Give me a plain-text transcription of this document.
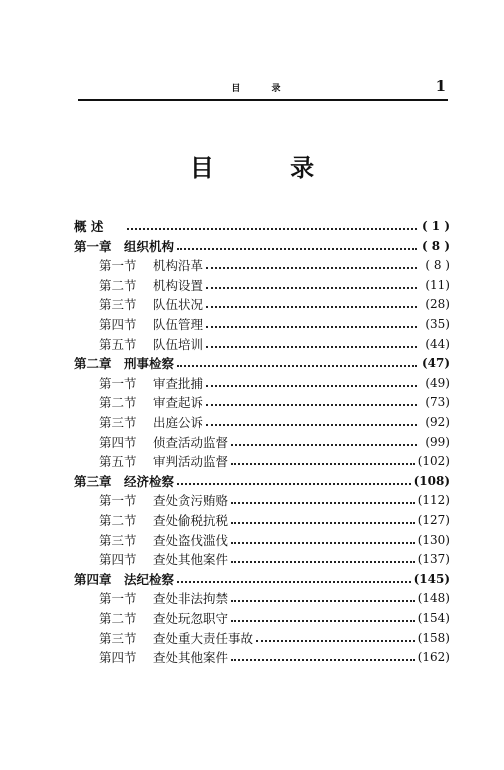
目 录	1
目 录
概 述	( 1 )
第一章 组织机构	( 8 )
第一节	机构沿革	( 8 )
第二节	机构设置	(11)
第三节	队伍状况	(28)
第四节	队伍管理	(35)
第五节	队伍培训	(44)
第二章 刑事检察	(47)
第一节	审查批捕	(49)
第二节	审查起诉	(73)
第三节	出庭公诉	(92)
第四节	侦查活动监督	(99)
第五节	审判活动监督	(102)
第三章 经济检察	(108)
第一节	查处贪污贿赂	(112)
第二节	查处偷税抗税	(127)
第三节	查处盗伐滥伐	(130)
第四节	查处其他案件	(137)
第四章 法纪检察	(145)
第一节	查处非法拘禁	(148)
第二节	查处玩忽职守	(154)
第三节	查处重大责任事故	(158)
第四节	查处其他案件	(162)
